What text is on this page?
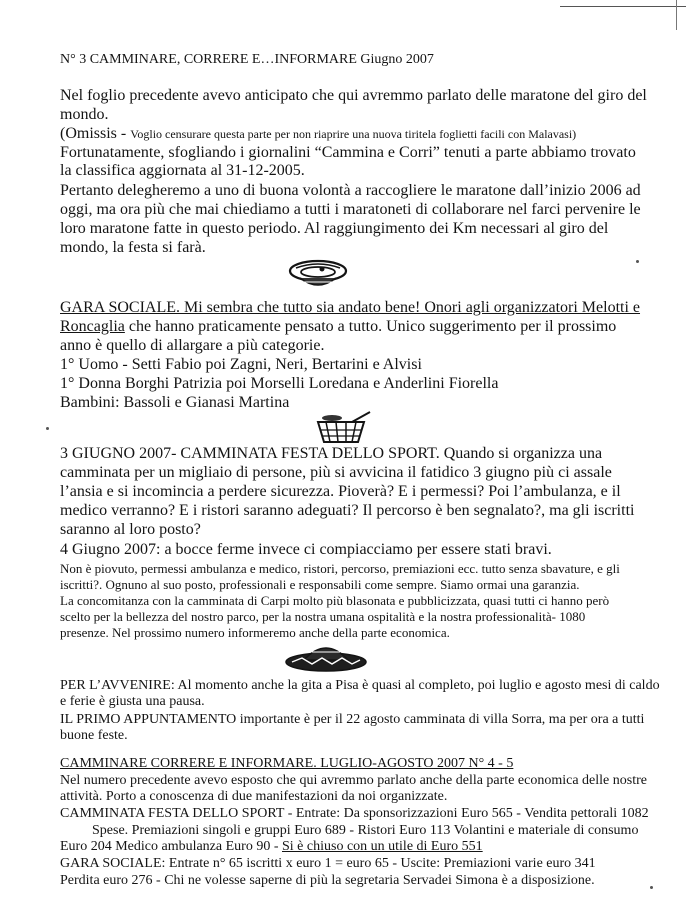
N° 3 CAMMINARE, CORRERE E…INFORMARE Giugno 2007
Nel foglio precedente avevo anticipato che qui avremmo parlato delle maratone del giro del
mondo.
(Omissis - Voglio censurare questa parte per non riaprire una nuova tiritela foglietti facili con Malavasi)
Fortunatamente, sfogliando i giornalini “Cammina e Corri” tenuti a parte abbiamo trovato
la classifica aggiornata al 31-12-2005.
Pertanto delegheremo a uno di buona volontà a raccogliere le maratone dall’inizio 2006 ad
oggi, ma ora più che mai chiediamo a tutti i maratoneti di collaborare nel farci pervenire le
loro maratone fatte in questo periodo. Al raggiungimento dei Km necessari al giro del
mondo, la festa si farà.
GARA SOCIALE. Mi sembra che tutto sia andato bene! Onori agli organizzatori Melotti e
Roncaglia che hanno praticamente pensato a tutto. Unico suggerimento per il prossimo
anno è quello di allargare a più categorie.
1° Uomo - Setti Fabio poi Zagni, Neri, Bertarini e Alvisi
1° Donna Borghi Patrizia poi Morselli Loredana e Anderlini Fiorella
Bambini: Bassoli e Gianasi Martina
3 GIUGNO 2007- CAMMINATA FESTA DELLO SPORT. Quando si organizza una
camminata per un migliaio di persone, più si avvicina il fatidico 3 giugno più ci assale
l’ansia e si incomincia a perdere sicurezza. Pioverà? E i permessi? Poi l’ambulanza, e il
medico verranno? E i ristori saranno adeguati? Il percorso è ben segnalato?, ma gli iscritti
saranno al loro posto?
4 Giugno 2007: a bocce ferme invece ci compiacciamo per essere stati bravi.
Non è piovuto, permessi ambulanza e medico, ristori, percorso, premiazioni ecc. tutto senza sbavature, e gli
iscritti?. Ognuno al suo posto, professionali e responsabili come sempre. Siamo ormai una garanzia.
La concomitanza con la camminata di Carpi molto più blasonata e pubblicizzata, quasi tutti ci hanno però
scelto per la bellezza del nostro parco, per la nostra umana ospitalità e la nostra professionalità- 1080
presenze. Nel prossimo numero informeremo anche della parte economica.
PER L’AVVENIRE: Al momento anche la gita a Pisa è quasi al completo, poi luglio e agosto mesi di caldo
e ferie è giusta una pausa.
IL PRIMO APPUNTAMENTO importante è per il 22 agosto camminata di villa Sorra, ma per ora a tutti
buone feste.
CAMMINARE CORRERE E INFORMARE. LUGLIO-AGOSTO 2007 N° 4 - 5
Nel numero precedente avevo esposto che qui avremmo parlato anche della parte economica delle nostre
attività. Porto a conoscenza di due manifestazioni da noi organizzate.
CAMMINATA FESTA DELLO SPORT - Entrate: Da sponsorizzazioni Euro 565 - Vendita pettorali 1082
Spese. Premiazioni singoli e gruppi Euro 689 - Ristori Euro 113 Volantini e materiale di consumo
Euro 204 Medico ambulanza Euro 90 - Si è chiuso con un utile di Euro 551
GARA SOCIALE: Entrate n° 65 iscritti x euro 1 = euro 65 - Uscite: Premiazioni varie euro 341
Perdita euro 276 - Chi ne volesse saperne di più la segretaria Servadei Simona è a disposizione.
